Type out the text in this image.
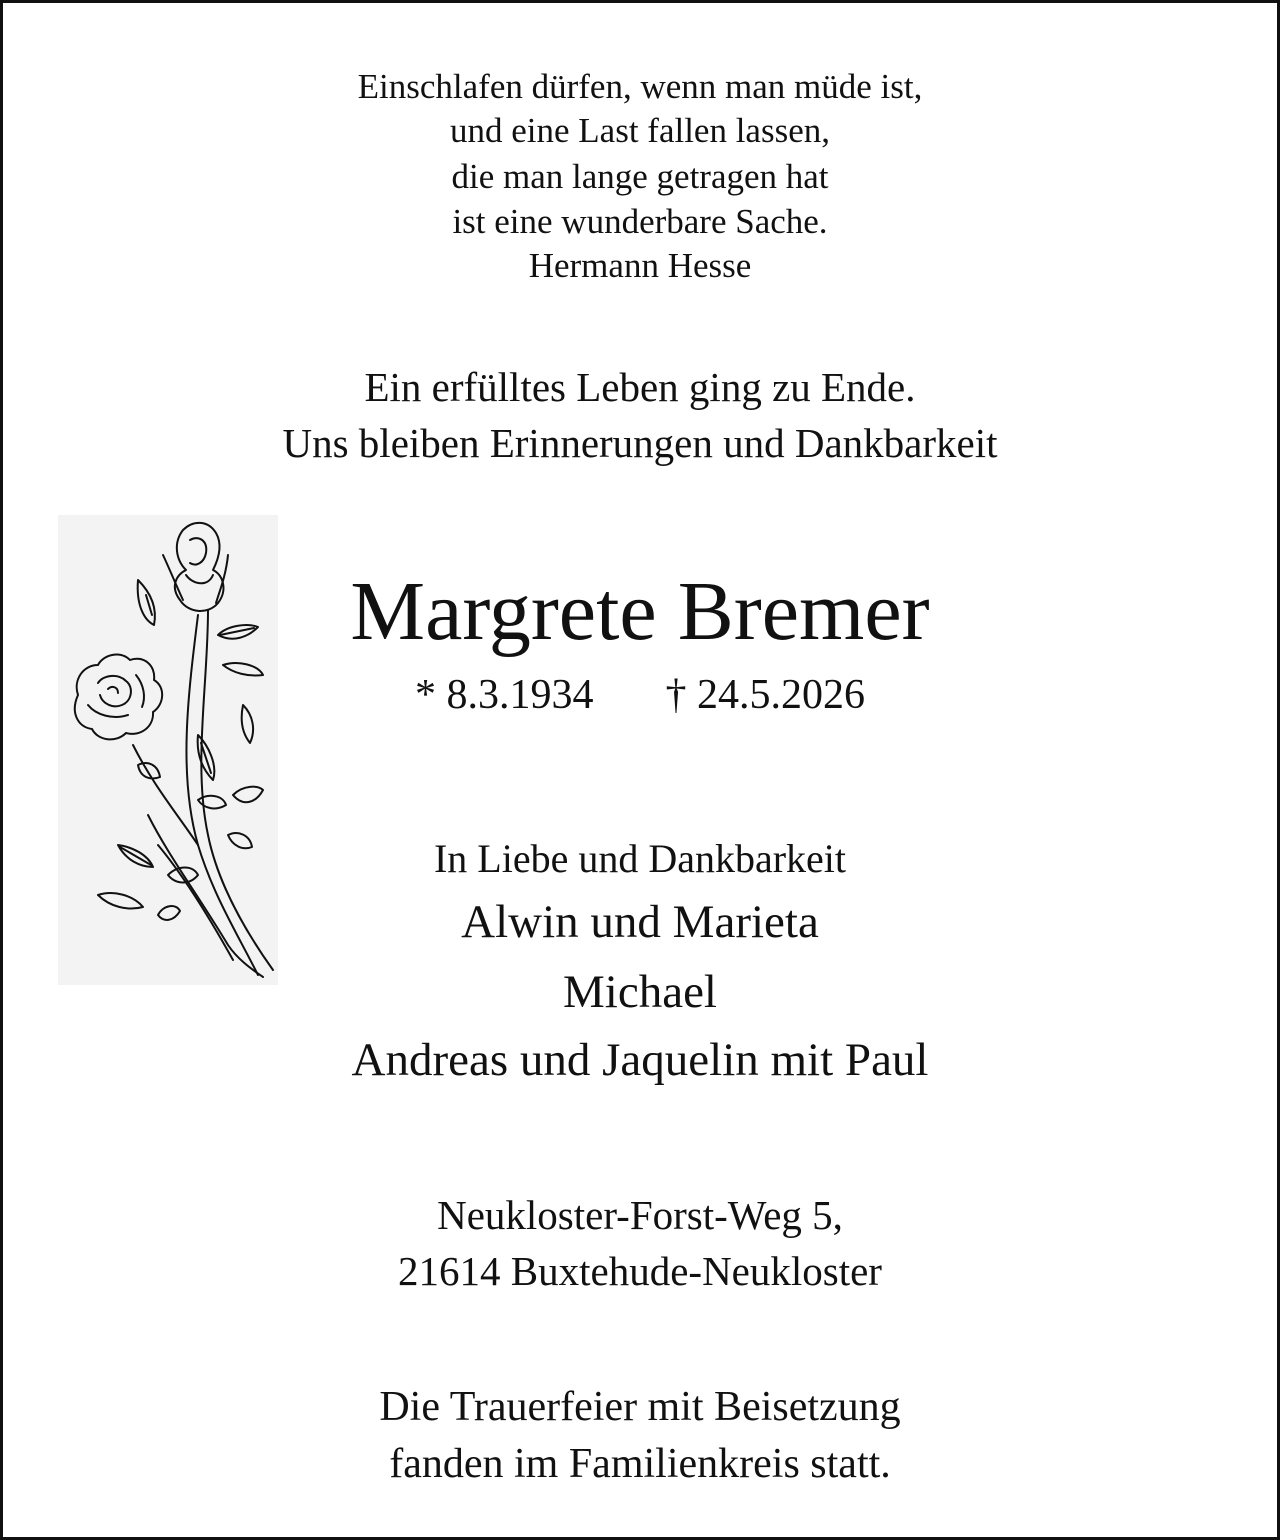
Einschlafen dürfen, wenn man müde ist,
und eine Last fallen lassen,
die man lange getragen hat
ist eine wunderbare Sache.
Hermann Hesse
Ein erfülltes Leben ging zu Ende.
Uns bleiben Erinnerungen und Dankbarkeit
Margrete Bremer
* 8.3.1934 † 24.5.2026
In Liebe und Dankbarkeit
Alwin und Marieta
Michael
Andreas und Jaquelin mit Paul
Neukloster-Forst-Weg 5,
21614 Buxtehude-Neukloster
Die Trauerfeier mit Beisetzung
fanden im Familienkreis statt.
